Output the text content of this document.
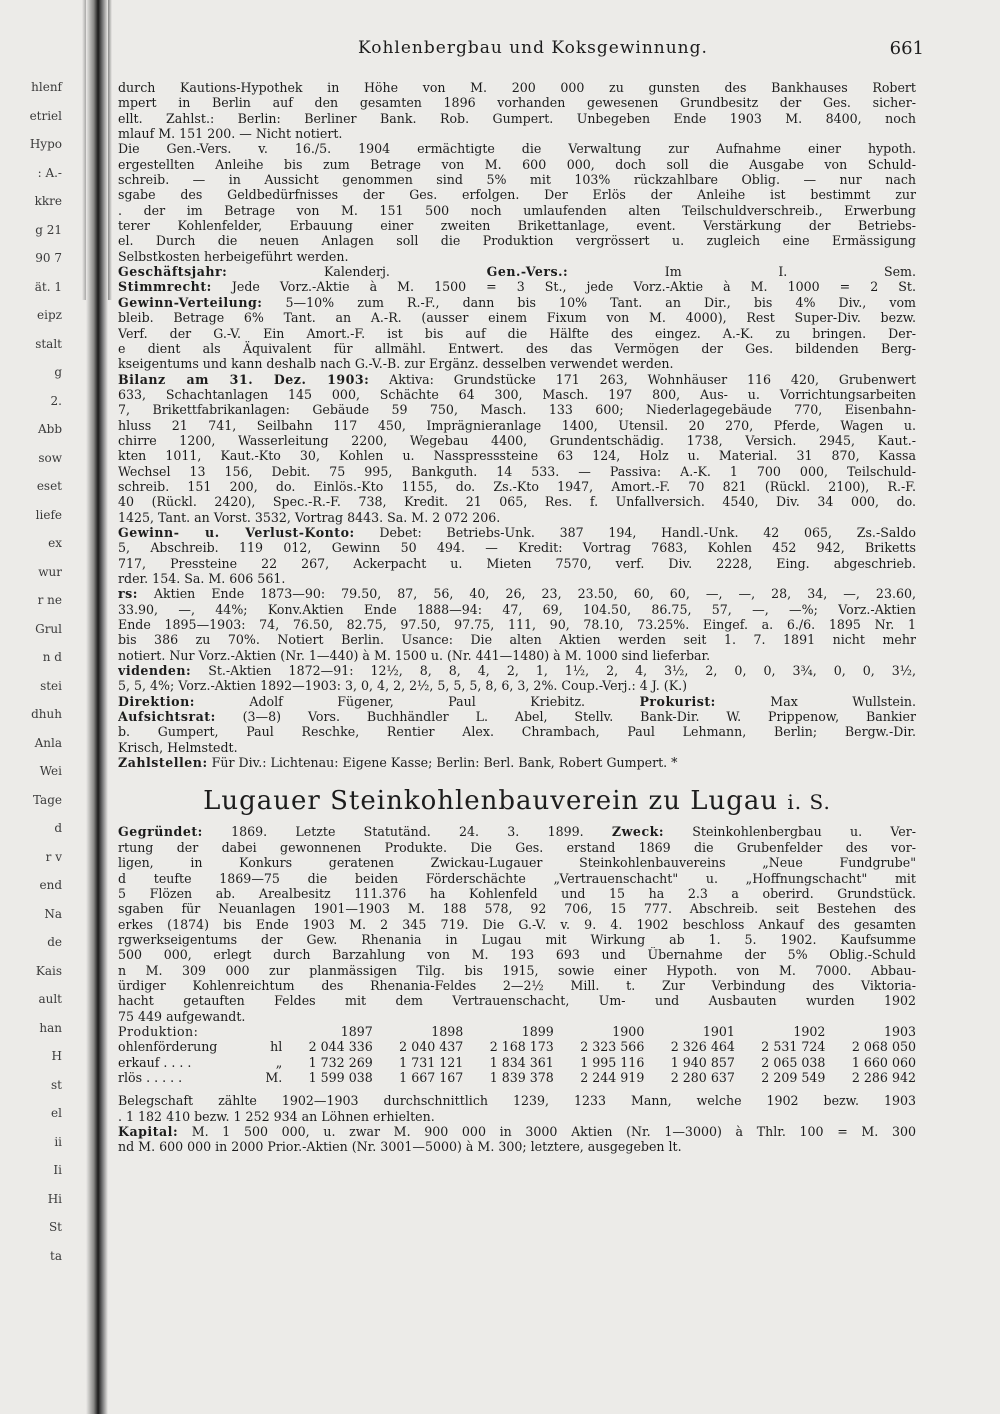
hlenf
etriel
Hypo
: A.-
kkre
g 21
90 7
ät. 1
eipz
stalt
g
2.
Abb
sow
eset
liefe
ex
wur
r ne
Grul
n d
stei
dhuh
Anla
Wei
Tage
d
r v
end
Na
de
Kais
ault
han
H
st
el
ii
Ii
Hi
St
ta
Kohlenbergbau und Koksgewinnung.	661
durch Kautions-Hypothek in Höhe von M. 200 000 zu gunsten des Bankhauses Robert
mpert in Berlin auf den gesamten 1896 vorhanden gewesenen Grundbesitz der Ges. sicher-
ellt. Zahlst.: Berlin: Berliner Bank. Rob. Gumpert. Unbegeben Ende 1903 M. 8400, noch
mlauf M. 151 200. — Nicht notiert.
Die Gen.-Vers. v. 16./5. 1904 ermächtigte die Verwaltung zur Aufnahme einer hypoth.
ergestellten Anleihe bis zum Betrage von M. 600 000, doch soll die Ausgabe von Schuld-
schreib. — in Aussicht genommen sind 5% mit 103% rückzahlbare Oblig. — nur nach
sgabe des Geldbedürfnisses der Ges. erfolgen. Der Erlös der Anleihe ist bestimmt zur
. der im Betrage von M. 151 500 noch umlaufenden alten Teilschuldverschreib., Erwerbung
terer Kohlenfelder, Erbauung einer zweiten Brikettanlage, event. Verstärkung der Betriebs-
el. Durch die neuen Anlagen soll die Produktion vergrössert u. zugleich eine Ermässigung
Selbstkosten herbeigeführt werden.
Geschäftsjahr:	Kalenderj.	Gen.-Vers.:	Im I. Sem.
Stimmrecht: Jede Vorz.-Aktie à M. 1500 = 3 St., jede Vorz.-Aktie à M. 1000 = 2 St.
Gewinn-Verteilung: 5—10% zum R.-F., dann bis 10% Tant. an Dir., bis 4% Div., vom
bleib. Betrage 6% Tant. an A.-R. (ausser einem Fixum von M. 4000), Rest Super-Div. bezw.
Verf. der G.-V. Ein Amort.-F. ist bis auf die Hälfte des eingez. A.-K. zu bringen. Der-
e dient als Äquivalent für allmähl. Entwert. des das Vermögen der Ges. bildenden Berg-
kseigentums und kann deshalb nach G.-V.-B. zur Ergänz. desselben verwendet werden.
Bilanz am 31. Dez. 1903: Aktiva: Grundstücke 171 263, Wohnhäuser 116 420, Grubenwert
633, Schachtanlagen 145 000, Schächte 64 300, Masch. 197 800, Aus- u. Vorrichtungsarbeiten
7, Brikettfabrikanlagen: Gebäude 59 750, Masch. 133 600; Niederlagegebäude 770, Eisenbahn-
hluss 21 741, Seilbahn 117 450, Imprägnieranlage 1400, Utensil. 20 270, Pferde, Wagen u.
chirre 1200, Wasserleitung 2200, Wegebau 4400, Grundentschädig. 1738, Versich. 2945, Kaut.-
kten 1011, Kaut.-Kto 30, Kohlen u. Nasspresssteine 63 124, Holz u. Material. 31 870, Kassa
Wechsel 13 156, Debit. 75 995, Bankguth. 14 533. — Passiva: A.-K. 1 700 000, Teilschuld-
schreib. 151 200, do. Einlös.-Kto 1155, do. Zs.-Kto 1947, Amort.-F. 70 821 (Rückl. 2100), R.-F.
40 (Rückl. 2420), Spec.-R.-F. 738, Kredit. 21 065, Res. f. Unfallversich. 4540, Div. 34 000, do.
1425, Tant. an Vorst. 3532, Vortrag 8443. Sa. M. 2 072 206.
Gewinn- u. Verlust-Konto: Debet: Betriebs-Unk. 387 194, Handl.-Unk. 42 065, Zs.-Saldo
5, Abschreib. 119 012, Gewinn 50 494. — Kredit: Vortrag 7683, Kohlen 452 942, Briketts
717, Pressteine 22 267, Ackerpacht u. Mieten 7570, verf. Div. 2228, Eing. abgeschrieb.
rder. 154. Sa. M. 606 561.
rs: Aktien Ende 1873—90: 79.50, 87, 56, 40, 26, 23, 23.50, 60, 60, —, —, 28, 34, —, 23.60,
33.90, —, 44%; Konv.Aktien Ende 1888—94: 47, 69, 104.50, 86.75, 57, —, —%; Vorz.-Aktien
Ende 1895—1903: 74, 76.50, 82.75, 97.50, 97.75, 111, 90, 78.10, 73.25%. Eingef. a. 6./6. 1895 Nr. 1
bis 386 zu 70%. Notiert Berlin. Usance: Die alten Aktien werden seit 1. 7. 1891 nicht mehr
notiert. Nur Vorz.-Aktien (Nr. 1—440) à M. 1500 u. (Nr. 441—1480) à M. 1000 sind lieferbar.
videnden: St.-Aktien 1872—91: 12½, 8, 8, 4, 2, 1, 1½, 2, 4, 3½, 2, 0, 0, 3¾, 0, 0, 3½,
5, 5, 4%; Vorz.-Aktien 1892—1903: 3, 0, 4, 2, 2½, 5, 5, 5, 8, 6, 3, 2%. Coup.-Verj.: 4 J. (K.)
Direktion:	Adolf Fügener, Paul Kriebitz.	Prokurist:	Max Wullstein.
Aufsichtsrat: (3—8) Vors. Buchhändler L. Abel, Stellv. Bank-Dir. W. Prippenow, Bankier
b. Gumpert, Paul Reschke, Rentier Alex. Chrambach, Paul Lehmann, Berlin; Bergw.-Dir.
Krisch, Helmstedt.
Zahlstellen: Für Div.: Lichtenau: Eigene Kasse; Berlin: Berl. Bank, Robert Gumpert. *
Lugauer Steinkohlenbauverein zu Lugau i. S.
Gegründet: 1869. Letzte Statutänd. 24. 3. 1899. Zweck: Steinkohlenbergbau u. Ver-
rtung der dabei gewonnenen Produkte. Die Ges. erstand 1869 die Grubenfelder des vor-
ligen, in Konkurs geratenen Zwickau-Lugauer Steinkohlenbauvereins „Neue Fundgrube"
d teufte 1869—75 die beiden Förderschächte „Vertrauenschacht" u. „Hoffnungschacht" mit
5 Flözen ab. Arealbesitz 111.376 ha Kohlenfeld und 15 ha 2.3 a oberird. Grundstück.
sgaben für Neuanlagen 1901—1903 M. 188 578, 92 706, 15 777. Abschreib. seit Bestehen des
erkes (1874) bis Ende 1903 M. 2 345 719. Die G.-V. v. 9. 4. 1902 beschloss Ankauf des gesamten
rgwerkseigentums der Gew. Rhenania in Lugau mit Wirkung ab 1. 5. 1902. Kaufsumme
500 000, erlegt durch Barzahlung von M. 193 693 und Übernahme der 5% Oblig.-Schuld
n M. 309 000 zur planmässigen Tilg. bis 1915, sowie einer Hypoth. von M. 7000. Abbau-
ürdiger Kohlenreichtum des Rhenania-Feldes 2—2½ Mill. t. Zur Verbindung des Viktoria-
hacht getauften Feldes mit dem Vertrauenschacht, Um- und Ausbauten wurden 1902
75 449 aufgewandt.
Produktion:		1897	1898	1899	1900	1901	1902	1903
ohlenförderung	hl	2 044 336	2 040 437	2 168 173	2 323 566	2 326 464	2 531 724	2 068 050
erkauf . . . .	„	1 732 269	1 731 121	1 834 361	1 995 116	1 940 857	2 065 038	1 660 060
rlös . . . . .	M.	1 599 038	1 667 167	1 839 378	2 244 919	2 280 637	2 209 549	2 286 942
Belegschaft zählte 1902—1903 durchschnittlich 1239, 1233 Mann, welche 1902 bezw. 1903
. 1 182 410 bezw. 1 252 934 an Löhnen erhielten.
Kapital: M. 1 500 000, u. zwar M. 900 000 in 3000 Aktien (Nr. 1—3000) à Thlr. 100 = M. 300
nd M. 600 000 in 2000 Prior.-Aktien (Nr. 3001—5000) à M. 300; letztere, ausgegeben lt.
